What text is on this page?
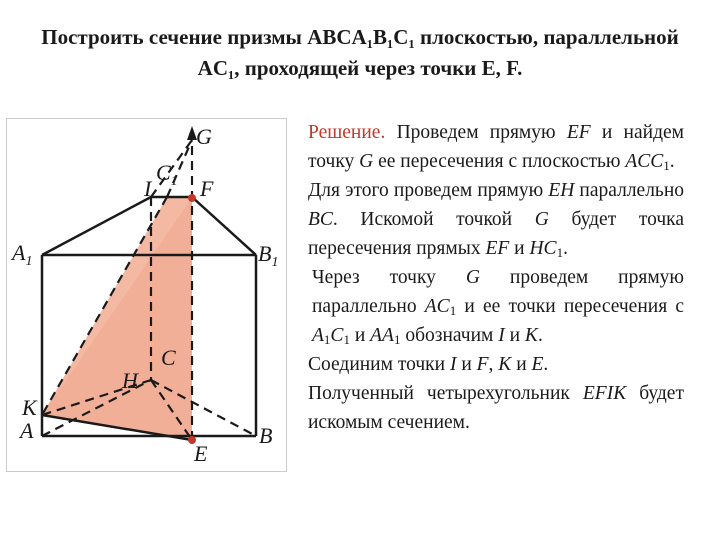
Построить сечение призмы ABCA₁B₁C₁ плоскостью, параллельной
AC₁, проходящей через точки E, F.
G
$C_1$
I F
$A_1$	$B_1$
C
H
K
A	B
E

Решение. Проведем прямую EF и найдем точку G ее пересечения с плоскостью $ACC_1$.

Для этого проведем прямую EH параллельно BC. Искомой точкой G будет точка пересечения прямых EF и $HC_1$.

Через точку G проведем прямую параллельно $AC_1$ и ее точки пересечения с $A_1C_1$ и $AA_1$ обозначим I и K.

Соединим точки I и F, K и E.

Полученный четырехугольник EFIK будет искомым сечением.
